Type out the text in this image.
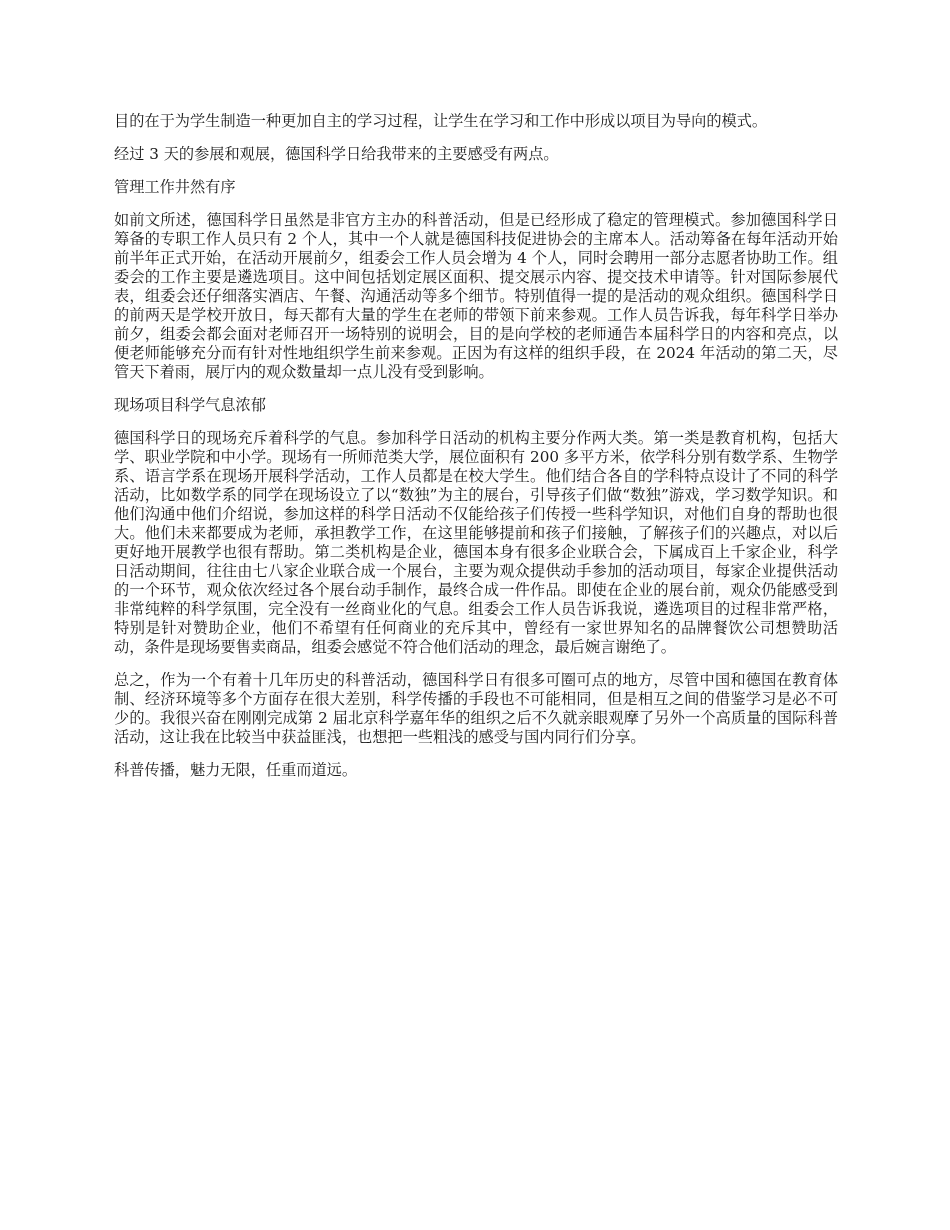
目的在于为学生制造一种更加自主的学习过程，让学生在学习和工作中形成以项目为导向的模式。

经过 3 天的参展和观展，德国科学日给我带来的主要感受有两点。

管理工作井然有序

如前文所述，德国科学日虽然是非官方主办的科普活动，但是已经形成了稳定的管理模式。参加德国科学日筹备的专职工作人员只有 2 个人，其中一个人就是德国科技促进协会的主席本人。活动筹备在每年活动开始前半年正式开始，在活动开展前夕，组委会工作人员会增为 4 个人，同时会聘用一部分志愿者协助工作。组委会的工作主要是遴选项目。这中间包括划定展区面积、提交展示内容、提交技术申请等。针对国际参展代表，组委会还仔细落实酒店、午餐、沟通活动等多个细节。特别值得一提的是活动的观众组织。德国科学日的前两天是学校开放日，每天都有大量的学生在老师的带领下前来参观。工作人员告诉我，每年科学日举办前夕，组委会都会面对老师召开一场特别的说明会，目的是向学校的老师通告本届科学日的内容和亮点，以便老师能够充分而有针对性地组织学生前来参观。正因为有这样的组织手段，在 2024 年活动的第二天，尽管天下着雨，展厅内的观众数量却一点儿没有受到影响。

现场项目科学气息浓郁

德国科学日的现场充斥着科学的气息。参加科学日活动的机构主要分作两大类。第一类是教育机构，包括大学、职业学院和中小学。现场有一所师范类大学，展位面积有 200 多平方米，依学科分别有数学系、生物学系、语言学系在现场开展科学活动，工作人员都是在校大学生。他们结合各自的学科特点设计了不同的科学活动，比如数学系的同学在现场设立了以“数独”为主的展台，引导孩子们做“数独”游戏，学习数学知识。和他们沟通中他们介绍说，参加这样的科学日活动不仅能给孩子们传授一些科学知识，对他们自身的帮助也很大。他们未来都要成为老师，承担教学工作，在这里能够提前和孩子们接触，了解孩子们的兴趣点，对以后更好地开展教学也很有帮助。第二类机构是企业，德国本身有很多企业联合会，下属成百上千家企业，科学日活动期间，往往由七八家企业联合成一个展台，主要为观众提供动手参加的活动项目，每家企业提供活动的一个环节，观众依次经过各个展台动手制作，最终合成一件作品。即使在企业的展台前，观众仍能感受到非常纯粹的科学氛围，完全没有一丝商业化的气息。组委会工作人员告诉我说，遴选项目的过程非常严格，特别是针对赞助企业，他们不希望有任何商业的充斥其中，曾经有一家世界知名的品牌餐饮公司想赞助活动，条件是现场要售卖商品，组委会感觉不符合他们活动的理念，最后婉言谢绝了。

总之，作为一个有着十几年历史的科普活动，德国科学日有很多可圈可点的地方，尽管中国和德国在教育体制、经济环境等多个方面存在很大差别，科学传播的手段也不可能相同，但是相互之间的借鉴学习是必不可少的。我很兴奋在刚刚完成第 2 届北京科学嘉年华的组织之后不久就亲眼观摩了另外一个高质量的国际科普活动，这让我在比较当中获益匪浅，也想把一些粗浅的感受与国内同行们分享。

科普传播，魅力无限，任重而道远。
